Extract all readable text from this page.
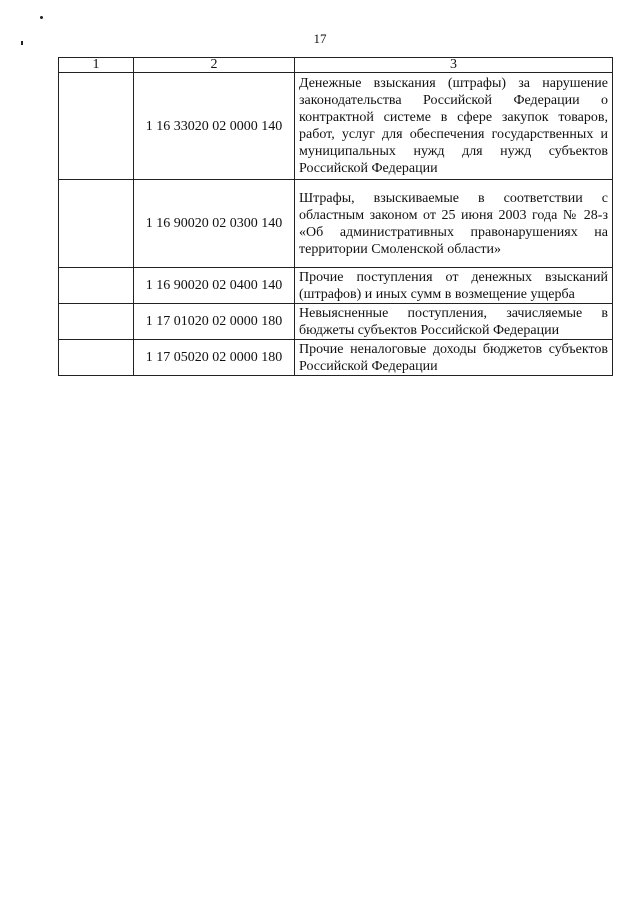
17
1	2	3
	1 16 33020 02 0000 140	Денежные взыскания (штрафы) за нарушение законодательства Российской Федерации о контрактной системе в сфере закупок товаров, работ, услуг для обеспечения государственных и муниципальных нужд для нужд субъектов Российской Федерации
	1 16 90020 02 0300 140	Штрафы, взыскиваемые в соответствии с областным законом от 25 июня 2003 года № 28-з «Об административных правонарушениях на территории Смоленской области»
	1 16 90020 02 0400 140	Прочие поступления от денежных взысканий (штрафов) и иных сумм в возмещение ущерба
	1 17 01020 02 0000 180	Невыясненные поступления, зачисляемые в бюджеты субъектов Российской Федерации
	1 17 05020 02 0000 180	Прочие неналоговые доходы бюджетов субъектов Российской Федерации
